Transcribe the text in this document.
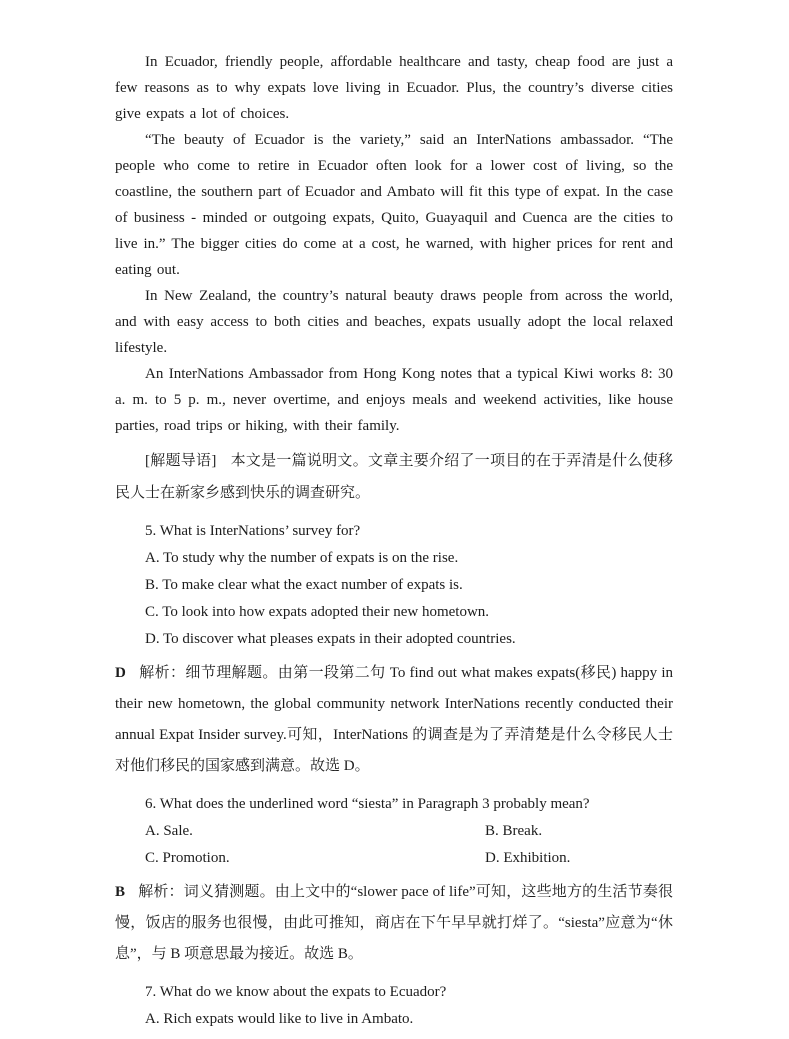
In Ecuador, friendly people, affordable healthcare and tasty, cheap food are just a few reasons as to why expats love living in Ecuador. Plus, the country’s diverse cities give expats a lot of choices.

“The beauty of Ecuador is the variety,” said an InterNations ambassador. “The people who come to retire in Ecuador often look for a lower cost of living, so the coastline, the southern part of Ecuador and Ambato will fit this type of expat. In the case of business - minded or outgoing expats, Quito, Guayaquil and Cuenca are the cities to live in.” The bigger cities do come at a cost, he warned, with higher prices for rent and eating out.

In New Zealand, the country’s natural beauty draws people from across the world, and with easy access to both cities and beaches, expats usually adopt the local relaxed lifestyle.

An InterNations Ambassador from Hong Kong notes that a typical Kiwi works 8: 30 a. m. to 5 p. m., never overtime, and enjoys meals and weekend activities, like house parties, road trips or hiking, with their family.

[解题导语] 本文是一篇说明文。文章主要介绍了一项目的在于弄清是什么使移民人士在新家乡感到快乐的调查研究。

5. What is InterNations’ survey for?

A. To study why the number of expats is on the rise.

B. To make clear what the exact number of expats is.

C. To look into how expats adopted their new hometown.

D. To discover what pleases expats in their adopted countries.

D 解析：细节理解题。由第一段第二句 To find out what makes expats(移民) happy in their new hometown, the global community network InterNations recently conducted their annual Expat Insider survey.可知，InterNations 的调查是为了弄清楚是什么令移民人士对他们移民的国家感到满意。故选 D。

6. What does the underlined word “siesta” in Paragraph 3 probably mean?

A. Sale.	B. Break.

C. Promotion.	D. Exhibition.

B 解析：词义猜测题。由上文中的“slower pace of life”可知，这些地方的生活节奏很慢，饭店的服务也很慢，由此可推知，商店在下午早早就打烊了。“siesta”应意为“休息”，与 B 项意思最为接近。故选 B。

7. What do we know about the expats to Ecuador?

A. Rich expats would like to live in Ambato.
